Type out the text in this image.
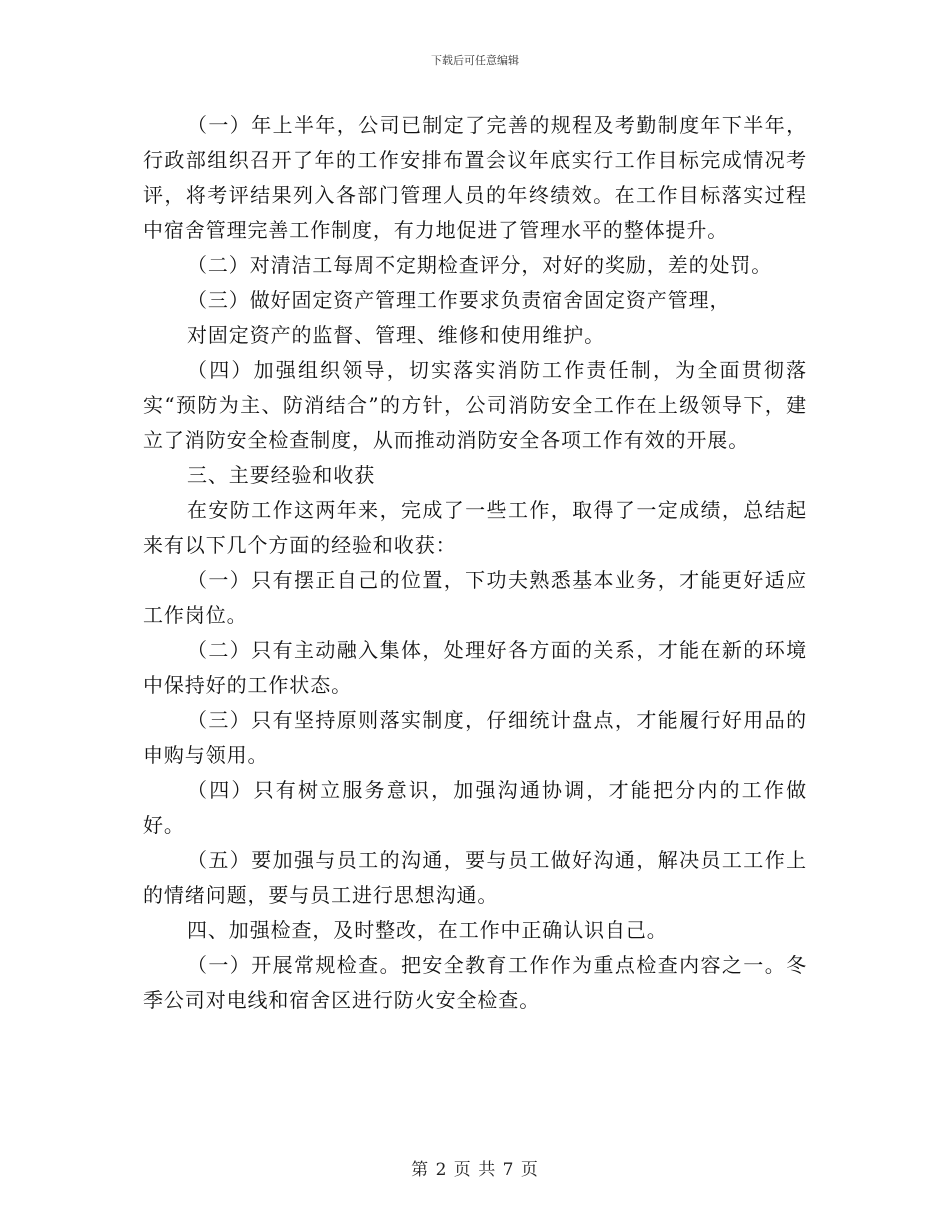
下载后可任意编辑

（一）年上半年，公司已制定了完善的规程及考勤制度年下半年，行政部组织召开了年的工作安排布置会议年底实行工作目标完成情况考评，将考评结果列入各部门管理人员的年终绩效。在工作目标落实过程中宿舍管理完善工作制度，有力地促进了管理水平的整体提升。

（二）对清洁工每周不定期检查评分，对好的奖励，差的处罚。

（三）做好固定资产管理工作要求负责宿舍固定资产管理，

对固定资产的监督、管理、维修和使用维护。

（四）加强组织领导，切实落实消防工作责任制，为全面贯彻落实“预防为主、防消结合”的方针，公司消防安全工作在上级领导下，建立了消防安全检查制度，从而推动消防安全各项工作有效的开展。

三、主要经验和收获

在安防工作这两年来，完成了一些工作，取得了一定成绩，总结起来有以下几个方面的经验和收获：

（一）只有摆正自己的位置，下功夫熟悉基本业务，才能更好适应工作岗位。

（二）只有主动融入集体，处理好各方面的关系，才能在新的环境中保持好的工作状态。

（三）只有坚持原则落实制度，仔细统计盘点，才能履行好用品的申购与领用。

（四）只有树立服务意识，加强沟通协调，才能把分内的工作做好。

（五）要加强与员工的沟通，要与员工做好沟通，解决员工工作上的情绪问题，要与员工进行思想沟通。

四、加强检查，及时整改，在工作中正确认识自己。

（一）开展常规检查。把安全教育工作作为重点检查内容之一。冬季公司对电线和宿舍区进行防火安全检查。

第 2 页 共 7 页
